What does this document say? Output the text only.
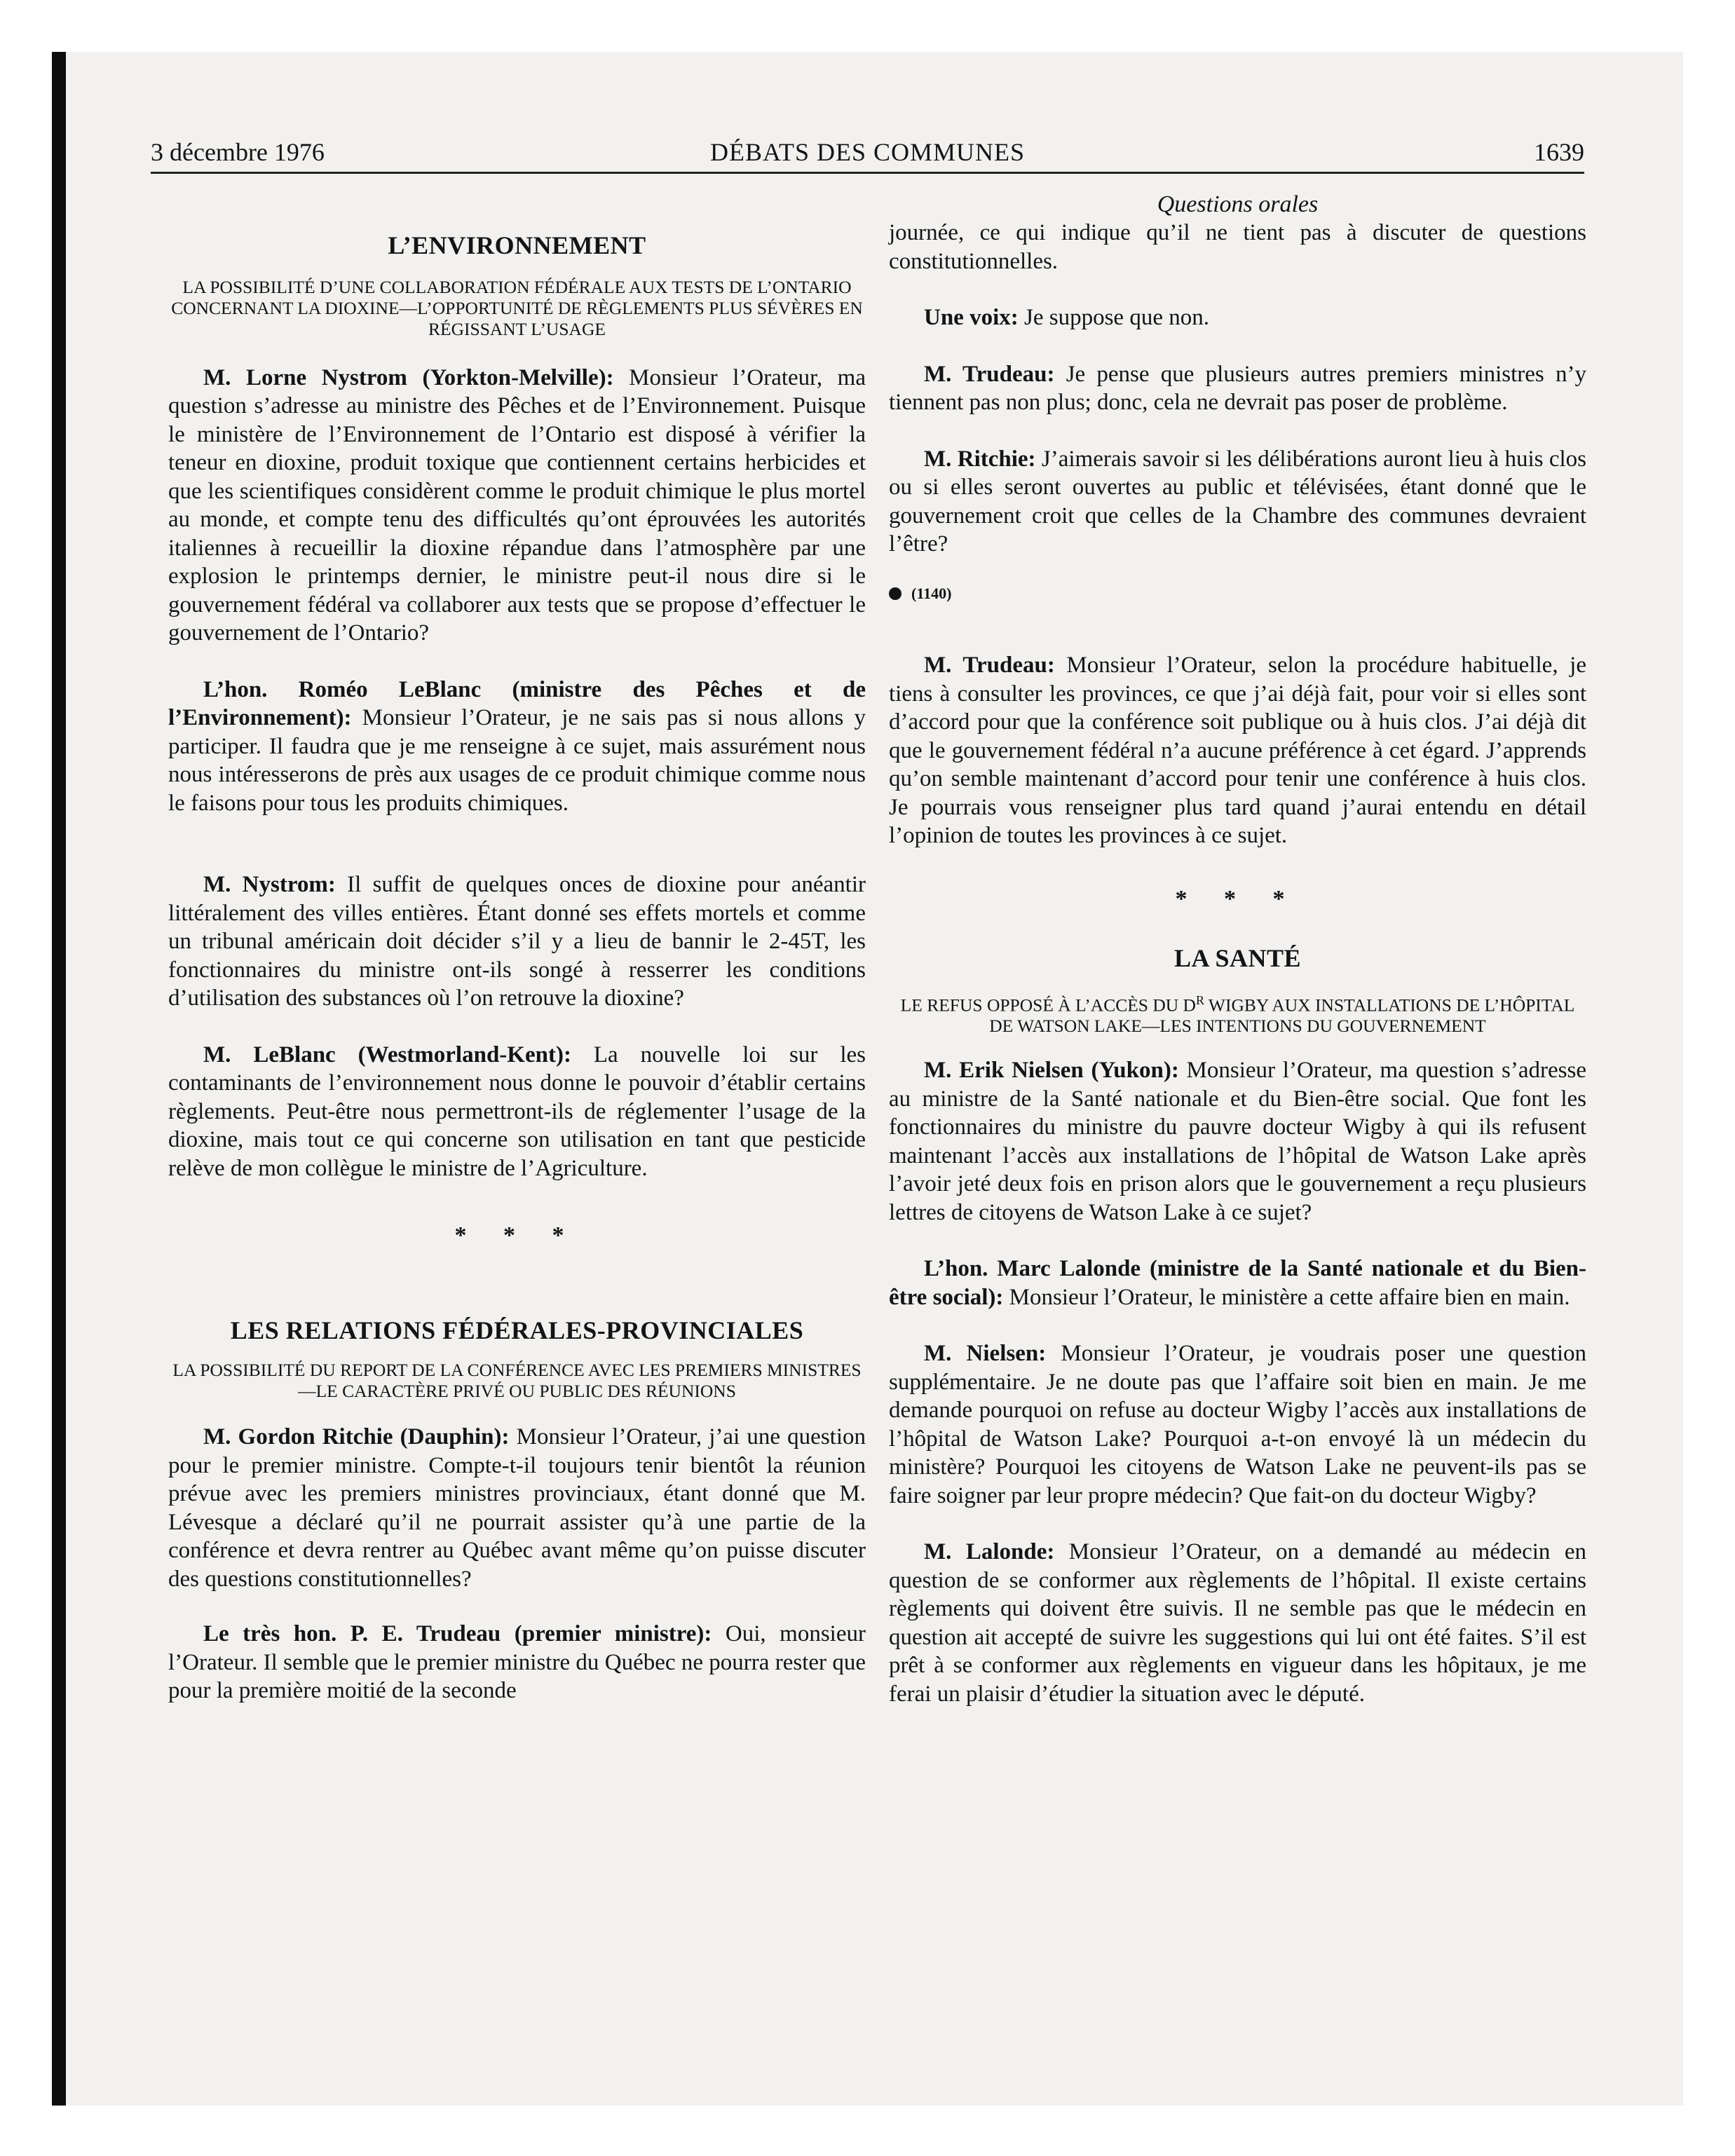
3 décembre 1976	DÉBATS DES COMMUNES	1639
L’ENVIRONNEMENT
LA POSSIBILITÉ D’UNE COLLABORATION FÉDÉRALE AUX TESTS DE L’ONTARIO CONCERNANT LA DIOXINE—L’OPPORTUNITÉ DE RÈGLEMENTS PLUS SÉVÈRES EN RÉGISSANT L’USAGE

M. Lorne Nystrom (Yorkton-Melville): Monsieur l’Orateur, ma question s’adresse au ministre des Pêches et de l’Environnement. Puisque le ministère de l’Environnement de l’Ontario est disposé à vérifier la teneur en dioxine, produit toxique que contiennent certains herbicides et que les scientifiques considèrent comme le produit chimique le plus mortel au monde, et compte tenu des difficultés qu’ont éprouvées les autorités italiennes à recueillir la dioxine répandue dans l’atmosphère par une explosion le printemps dernier, le ministre peut-il nous dire si le gouvernement fédéral va collaborer aux tests que se propose d’effectuer le gouvernement de l’Ontario?

L’hon. Roméo LeBlanc (ministre des Pêches et de l’Environnement): Monsieur l’Orateur, je ne sais pas si nous allons y participer. Il faudra que je me renseigne à ce sujet, mais assurément nous nous intéresserons de près aux usages de ce produit chimique comme nous le faisons pour tous les produits chimiques.

M. Nystrom: Il suffit de quelques onces de dioxine pour anéantir littéralement des villes entières. Étant donné ses effets mortels et comme un tribunal américain doit décider s’il y a lieu de bannir le 2-45T, les fonctionnaires du ministre ont-ils songé à resserrer les conditions d’utilisation des substances où l’on retrouve la dioxine?

M. LeBlanc (Westmorland-Kent): La nouvelle loi sur les contaminants de l’environnement nous donne le pouvoir d’établir certains règlements. Peut-être nous permettront-ils de réglementer l’usage de la dioxine, mais tout ce qui concerne son utilisation en tant que pesticide relève de mon collègue le ministre de l’Agriculture.

* * *
LES RELATIONS FÉDÉRALES-PROVINCIALES
LA POSSIBILITÉ DU REPORT DE LA CONFÉRENCE AVEC LES PREMIERS MINISTRES—LE CARACTÈRE PRIVÉ OU PUBLIC DES RÉUNIONS

M. Gordon Ritchie (Dauphin): Monsieur l’Orateur, j’ai une question pour le premier ministre. Compte-t-il toujours tenir bientôt la réunion prévue avec les premiers ministres provinciaux, étant donné que M. Lévesque a déclaré qu’il ne pourrait assister qu’à une partie de la conférence et devra rentrer au Québec avant même qu’on puisse discuter des questions constitutionnelles?

Le très hon. P. E. Trudeau (premier ministre): Oui, monsieur l’Orateur. Il semble que le premier ministre du Québec ne pourra rester que pour la première moitié de la seconde

Questions orales

journée, ce qui indique qu’il ne tient pas à discuter de questions constitutionnelles.

Une voix: Je suppose que non.

M. Trudeau: Je pense que plusieurs autres premiers ministres n’y tiennent pas non plus; donc, cela ne devrait pas poser de problème.

M. Ritchie: J’aimerais savoir si les délibérations auront lieu à huis clos ou si elles seront ouvertes au public et télévisées, étant donné que le gouvernement croit que celles de la Chambre des communes devraient l’être?

(1140)

M. Trudeau: Monsieur l’Orateur, selon la procédure habituelle, je tiens à consulter les provinces, ce que j’ai déjà fait, pour voir si elles sont d’accord pour que la conférence soit publique ou à huis clos. J’ai déjà dit que le gouvernement fédéral n’a aucune préférence à cet égard. J’apprends qu’on semble maintenant d’accord pour tenir une conférence à huis clos. Je pourrais vous renseigner plus tard quand j’aurai entendu en détail l’opinion de toutes les provinces à ce sujet.

* * *
LA SANTÉ
LE REFUS OPPOSÉ À L’ACCÈS DU $D^R$ WIGBY AUX INSTALLATIONS DE L’HÔPITAL DE WATSON LAKE—LES INTENTIONS DU GOUVERNEMENT

M. Erik Nielsen (Yukon): Monsieur l’Orateur, ma question s’adresse au ministre de la Santé nationale et du Bien-être social. Que font les fonctionnaires du ministre du pauvre docteur Wigby à qui ils refusent maintenant l’accès aux installations de l’hôpital de Watson Lake après l’avoir jeté deux fois en prison alors que le gouvernement a reçu plusieurs lettres de citoyens de Watson Lake à ce sujet?

L’hon. Marc Lalonde (ministre de la Santé nationale et du Bien-être social): Monsieur l’Orateur, le ministère a cette affaire bien en main.

M. Nielsen: Monsieur l’Orateur, je voudrais poser une question supplémentaire. Je ne doute pas que l’affaire soit bien en main. Je me demande pourquoi on refuse au docteur Wigby l’accès aux installations de l’hôpital de Watson Lake? Pourquoi a-t-on envoyé là un médecin du ministère? Pourquoi les citoyens de Watson Lake ne peuvent-ils pas se faire soigner par leur propre médecin? Que fait-on du docteur Wigby?

M. Lalonde: Monsieur l’Orateur, on a demandé au médecin en question de se conformer aux règlements de l’hôpital. Il existe certains règlements qui doivent être suivis. Il ne semble pas que le médecin en question ait accepté de suivre les suggestions qui lui ont été faites. S’il est prêt à se conformer aux règlements en vigueur dans les hôpitaux, je me ferai un plaisir d’étudier la situation avec le député.
